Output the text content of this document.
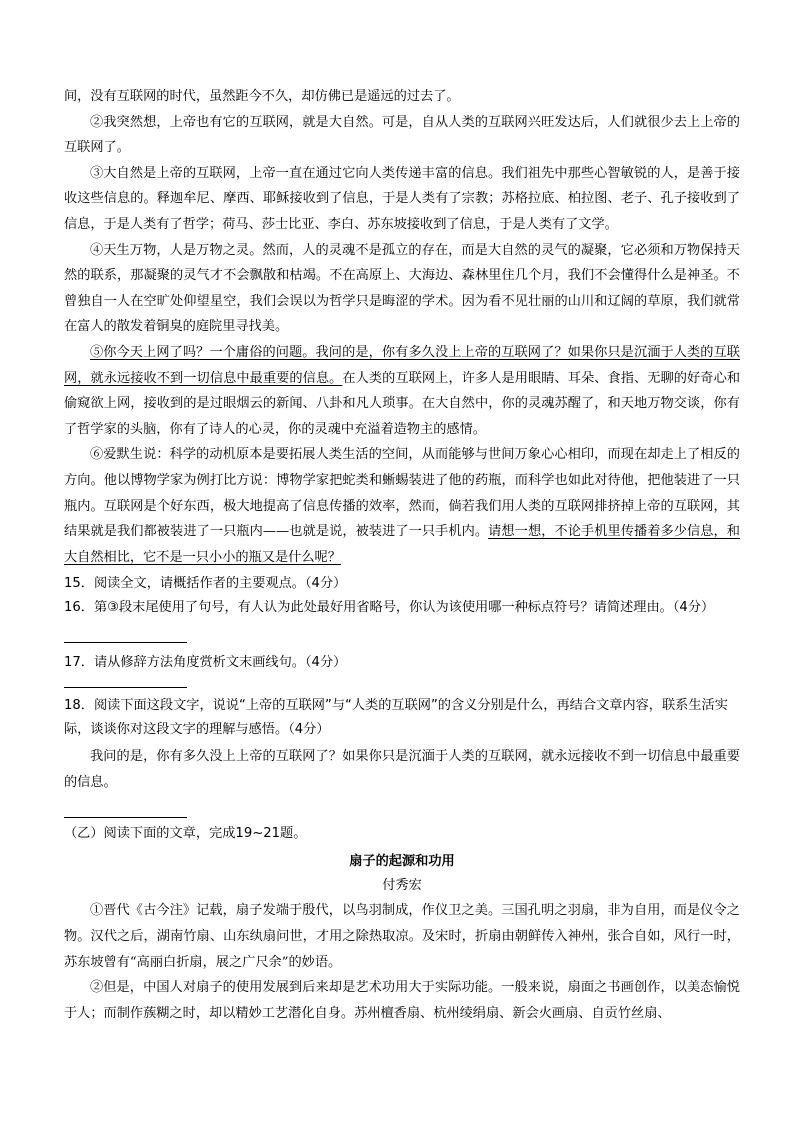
间，没有互联网的时代，虽然距今不久，却仿佛已是遥远的过去了。

②我突然想，上帝也有它的互联网，就是大自然。可是，自从人类的互联网兴旺发达后，人们就很少去上上帝的互联网了。

③大自然是上帝的互联网，上帝一直在通过它向人类传递丰富的信息。我们祖先中那些心智敏锐的人，是善于接收这些信息的。释迦牟尼、摩西、耶稣接收到了信息，于是人类有了宗教；苏格拉底、柏拉图、老子、孔子接收到了信息，于是人类有了哲学；荷马、莎士比亚、李白、苏东坡接收到了信息，于是人类有了文学。

④天生万物，人是万物之灵。然而，人的灵魂不是孤立的存在，而是大自然的灵气的凝聚，它必须和万物保持天然的联系，那凝聚的灵气才不会飘散和枯竭。不在高原上、大海边、森林里住几个月，我们不会懂得什么是神圣。不曾独自一人在空旷处仰望星空，我们会误以为哲学只是晦涩的学术。因为看不见壮丽的山川和辽阔的草原，我们就常在富人的散发着铜臭的庭院里寻找美。

⑤你今天上网了吗？一个庸俗的问题。我问的是，你有多久没上上帝的互联网了？如果你只是沉湎于人类的互联网，就永远接收不到一切信息中最重要的信息。在人类的互联网上，许多人是用眼睛、耳朵、食指、无聊的好奇心和偷窥欲上网，接收到的是过眼烟云的新闻、八卦和凡人琐事。在大自然中，你的灵魂苏醒了，和天地万物交谈，你有了哲学家的头脑，你有了诗人的心灵，你的灵魂中充溢着造物主的感情。

⑥爱默生说：科学的动机原本是要拓展人类生活的空间，从而能够与世间万象心心相印，而现在却走上了相反的方向。他以博物学家为例打比方说：博物学家把蛇类和蜥蜴装进了他的药瓶，而科学也如此对待他，把他装进了一只瓶内。互联网是个好东西，极大地提高了信息传播的效率，然而，倘若我们用人类的互联网排挤掉上帝的互联网，其结果就是我们都被装进了一只瓶内——也就是说，被装进了一只手机内。请想一想，不论手机里传播着多少信息，和大自然相比，它不是一只小小的瓶又是什么呢？

15．阅读全文，请概括作者的主要观点。（4分）

16．第③段末尾使用了句号，有人认为此处最好用省略号，你认为该使用哪一种标点符号？请简述理由。（4分）

17．请从修辞方法角度赏析文末画线句。（4分）

18．阅读下面这段文字，说说“上帝的互联网”与“人类的互联网”的含义分别是什么，再结合文章内容，联系生活实际，谈谈你对这段文字的理解与感悟。（4分）

我问的是，你有多久没上上帝的互联网了？如果你只是沉湎于人类的互联网，就永远接收不到一切信息中最重要的信息。

（乙）阅读下面的文章，完成19~21题。

扇子的起源和功用

付秀宏

①晋代《古今注》记载，扇子发端于殷代，以鸟羽制成，作仪卫之美。三国孔明之羽扇，非为自用，而是仪令之物。汉代之后，湖南竹扇、山东纨扇问世，才用之除热取凉。及宋时，折扇由朝鲜传入神州，张合自如，风行一时，苏东坡曾有“高丽白折扇，展之广尺余”的妙语。

②但是，中国人对扇子的使用发展到后来却是艺术功用大于实际功能。一般来说，扇面之书画创作，以美态愉悦于人；而制作蔟糊之时，却以精妙工艺潜化自身。苏州檀香扇、杭州绫绢扇、新会火画扇、自贡竹丝扇、
